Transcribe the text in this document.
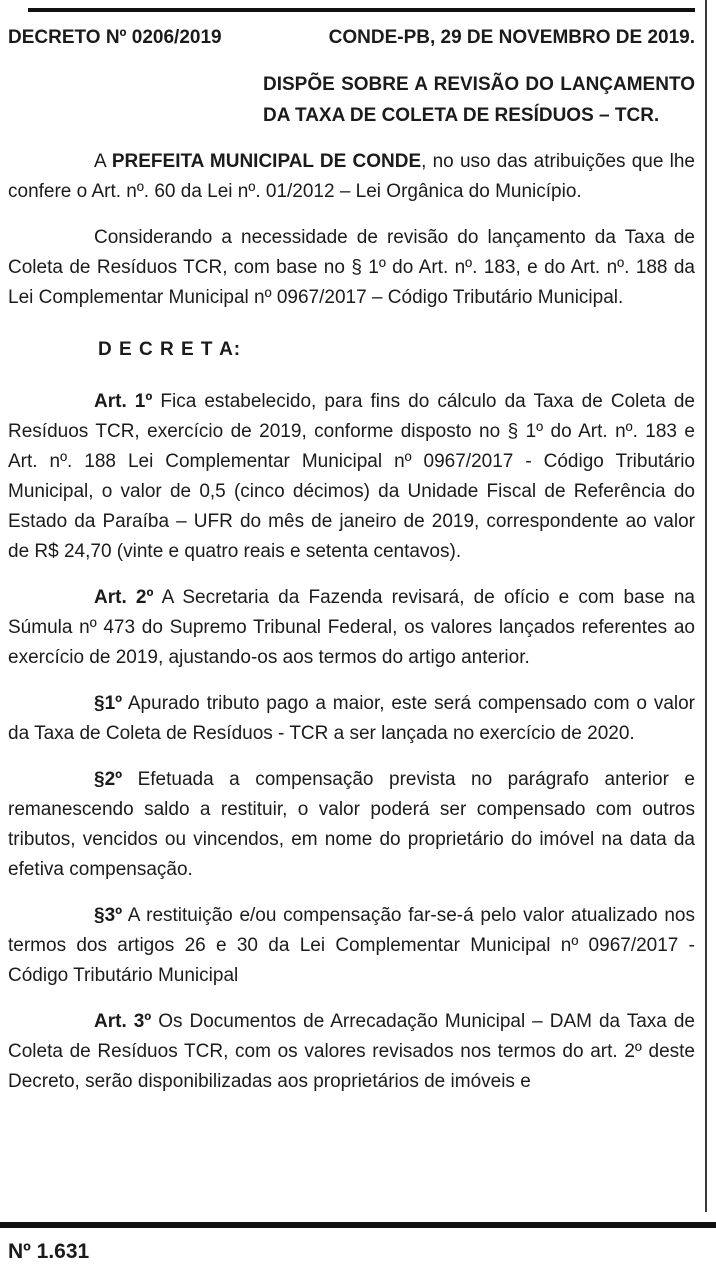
DECRETO Nº 0206/2019	CONDE-PB, 29 DE NOVEMBRO DE 2019.

DISPÕE SOBRE A REVISÃO DO LANÇAMENTO DA TAXA DE COLETA DE RESÍDUOS – TCR.

A PREFEITA MUNICIPAL DE CONDE, no uso das atribuições que lhe confere o Art. nº. 60 da Lei nº. 01/2012 – Lei Orgânica do Município.

Considerando a necessidade de revisão do lançamento da Taxa de Coleta de Resíduos TCR, com base no § 1º do Art. nº. 183, e do Art. nº. 188 da Lei Complementar Municipal nº 0967/2017 – Código Tributário Municipal.

D E C R E T A:

Art. 1º Fica estabelecido, para fins do cálculo da Taxa de Coleta de Resíduos TCR, exercício de 2019, conforme disposto no § 1º do Art. nº. 183 e Art. nº. 188 Lei Complementar Municipal nº 0967/2017 - Código Tributário Municipal, o valor de 0,5 (cinco décimos) da Unidade Fiscal de Referência do Estado da Paraíba – UFR do mês de janeiro de 2019, correspondente ao valor de R$ 24,70 (vinte e quatro reais e setenta centavos).

Art. 2º A Secretaria da Fazenda revisará, de ofício e com base na Súmula nº 473 do Supremo Tribunal Federal, os valores lançados referentes ao exercício de 2019, ajustando-os aos termos do artigo anterior.

§1º Apurado tributo pago a maior, este será compensado com o valor da Taxa de Coleta de Resíduos - TCR a ser lançada no exercício de 2020.

§2º Efetuada a compensação prevista no parágrafo anterior e remanescendo saldo a restituir, o valor poderá ser compensado com outros tributos, vencidos ou vincendos, em nome do proprietário do imóvel na data da efetiva compensação.

§3º A restituição e/ou compensação far-se-á pelo valor atualizado nos termos dos artigos 26 e 30 da Lei Complementar Municipal nº 0967/2017 - Código Tributário Municipal

Art. 3º Os Documentos de Arrecadação Municipal – DAM da Taxa de Coleta de Resíduos TCR, com os valores revisados nos termos do art. 2º deste Decreto, serão disponibilizadas aos proprietários de imóveis e

Nº 1.631
